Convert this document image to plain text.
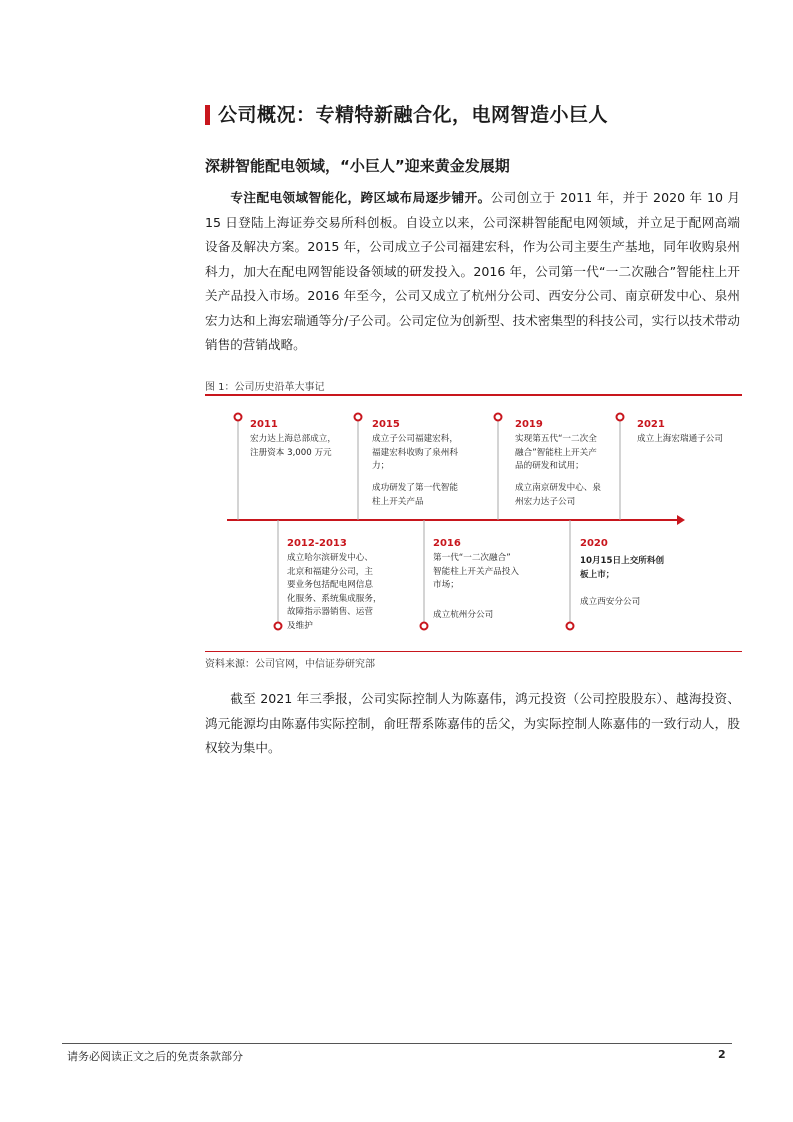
公司概况：专精特新融合化，电网智造小巨人
深耕智能配电领域，“小巨人”迎来黄金发展期
专注配电领域智能化，跨区域布局逐步铺开。公司创立于 2011 年，并于 2020 年 10 月 15 日登陆上海证券交易所科创板。自设立以来，公司深耕智能配电网领域，并立足于配网高端设备及解决方案。2015 年，公司成立子公司福建宏科，作为公司主要生产基地，同年收购泉州科力，加大在配电网智能设备领域的研发投入。2016 年，公司第一代“一二次融合”智能柱上开关产品投入市场。2016 年至今，公司又成立了杭州分公司、西安分公司、南京研发中心、泉州宏力达和上海宏瑞通等分/子公司。公司定位为创新型、技术密集型的科技公司，实行以技术带动销售的营销战略。
图 1：公司历史沿革大事记
2011
宏力达上海总部成立，
注册资本 3,000 万元
2015
成立子公司福建宏科，
福建宏科收购了泉州科
力；
成功研发了第一代智能
柱上开关产品
2019
实现第五代“一二次全
融合”智能柱上开关产
品的研发和试用；
成立南京研发中心、泉
州宏力达子公司
2021
成立上海宏瑞通子公司
2012-2013
成立哈尔滨研发中心、
北京和福建分公司，主
要业务包括配电网信息
化服务、系统集成服务，
故障指示器销售、运营
及维护
2016
第一代“一二次融合”
智能柱上开关产品投入
市场；
成立杭州分公司
2020
10月15日上交所科创
板上市；
成立西安分公司
资料来源：公司官网，中信证券研究部
截至 2021 年三季报，公司实际控制人为陈嘉伟，鸿元投资（公司控股股东）、越海投资、鸿元能源均由陈嘉伟实际控制，俞旺帮系陈嘉伟的岳父，为实际控制人陈嘉伟的一致行动人，股权较为集中。
请务必阅读正文之后的免责条款部分	2
